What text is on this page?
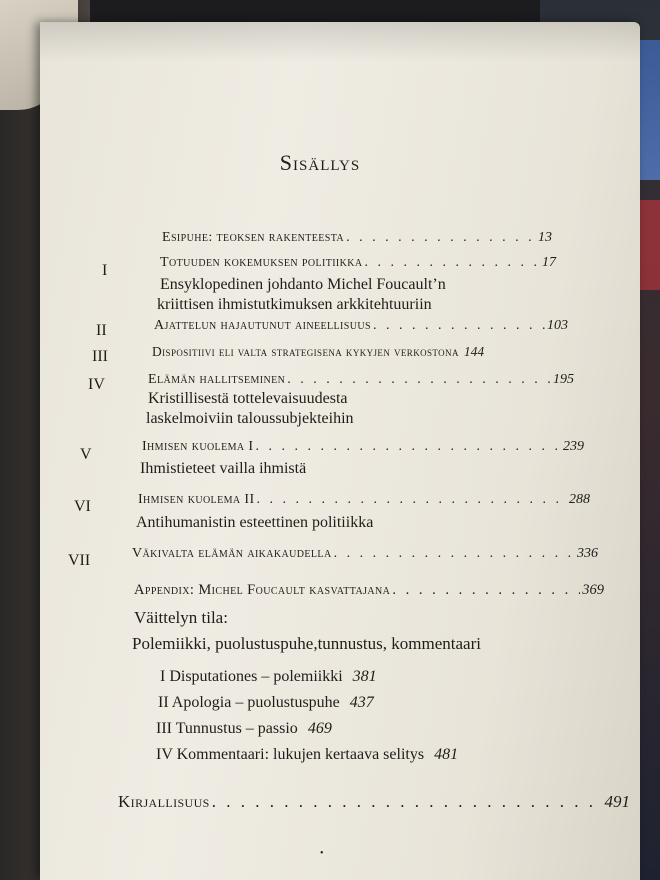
Sisällys
Esipuhe: teoksen rakenteesta . . .	13
I	Totuuden kokemuksen politiikka . . .	17
Ensyklopedinen johdanto Michel Foucault’n
kriittisen ihmistutkimuksen arkkitehtuuriin
II	Ajattelun hajautunut aineellisuus . . .	103
III	Dispositiivi eli valta strategisena kykyjen verkostona 144
IV	Elämän hallitseminen . . .	195
Kristillisestä tottelevaisuudesta
laskelmoiviin taloussubjekteihin
V	Ihmisen kuolema I . . .	239
Ihmistieteet vailla ihmistä
VI	Ihmisen kuolema II . . .	288
Antihumanistin esteettinen politiikka
VII	Väkivalta elämän aikakaudella . . .	336
Appendix: Michel Foucault kasvattajana . . .	369
Väittelyn tila:
Polemiikki, puolustuspuhe,tunnustus, kommentaari
I Disputationes – polemiikki 381
II Apologia – puolustuspuhe 437
III Tunnustus – passio 469
IV Kommentaari: lukujen kertaava selitys 481
Kirjallisuus . . .	491
•
